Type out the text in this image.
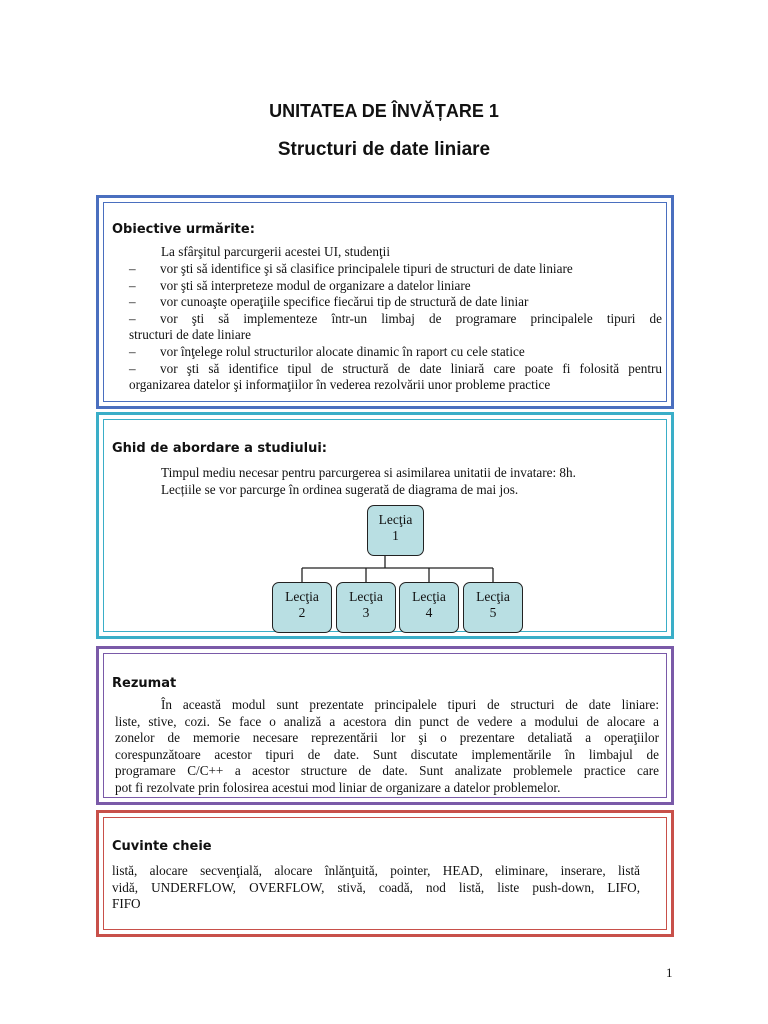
UNITATEA DE ÎNVĂȚARE 1
Structuri de date liniare
Obiective urmărite:
La sfârşitul parcurgerii acestei UI, studenţii
– vor şti să identifice şi să clasifice principalele tipuri de structuri de date liniare
– vor şti să interpreteze modul de organizare a datelor liniare
– vor cunoaşte operaţiile specifice fiecărui tip de structură de date liniar
– vor şti să implementeze într-un limbaj de programare principalele tipuri de
structuri de date liniare
– vor înţelege rolul structurilor alocate dinamic în raport cu cele statice
– vor şti să identifice tipul de structură de date liniară care poate fi folosită pentru
organizarea datelor şi informaţiilor în vederea rezolvării unor probleme practice
Ghid de abordare a studiului:
Timpul mediu necesar pentru parcurgerea si asimilarea unitatii de invatare: 8h.
Lecțiile se vor parcurge în ordinea sugerată de diagrama de mai jos.
Lecţia
1
Lecţia
2
Lecţia
3
Lecţia
4
Lecţia
5
Rezumat
În această modul sunt prezentate principalele tipuri de structuri de date liniare:
liste, stive, cozi. Se face o analiză a acestora din punct de vedere a modului de alocare a
zonelor de memorie necesare reprezentării lor şi o prezentare detaliată a operaţiilor
corespunzătoare acestor tipuri de date. Sunt discutate implementările în limbajul de
programare C/C++ a acestor structure de date. Sunt analizate problemele practice care
pot fi rezolvate prin folosirea acestui mod liniar de organizare a datelor problemelor.
Cuvinte cheie
listă, alocare secvenţială, alocare înlănţuită, pointer, HEAD, eliminare, inserare, listă
vidă, UNDERFLOW, OVERFLOW, stivă, coadă, nod listă, liste push-down, LIFO,
FIFO
1
